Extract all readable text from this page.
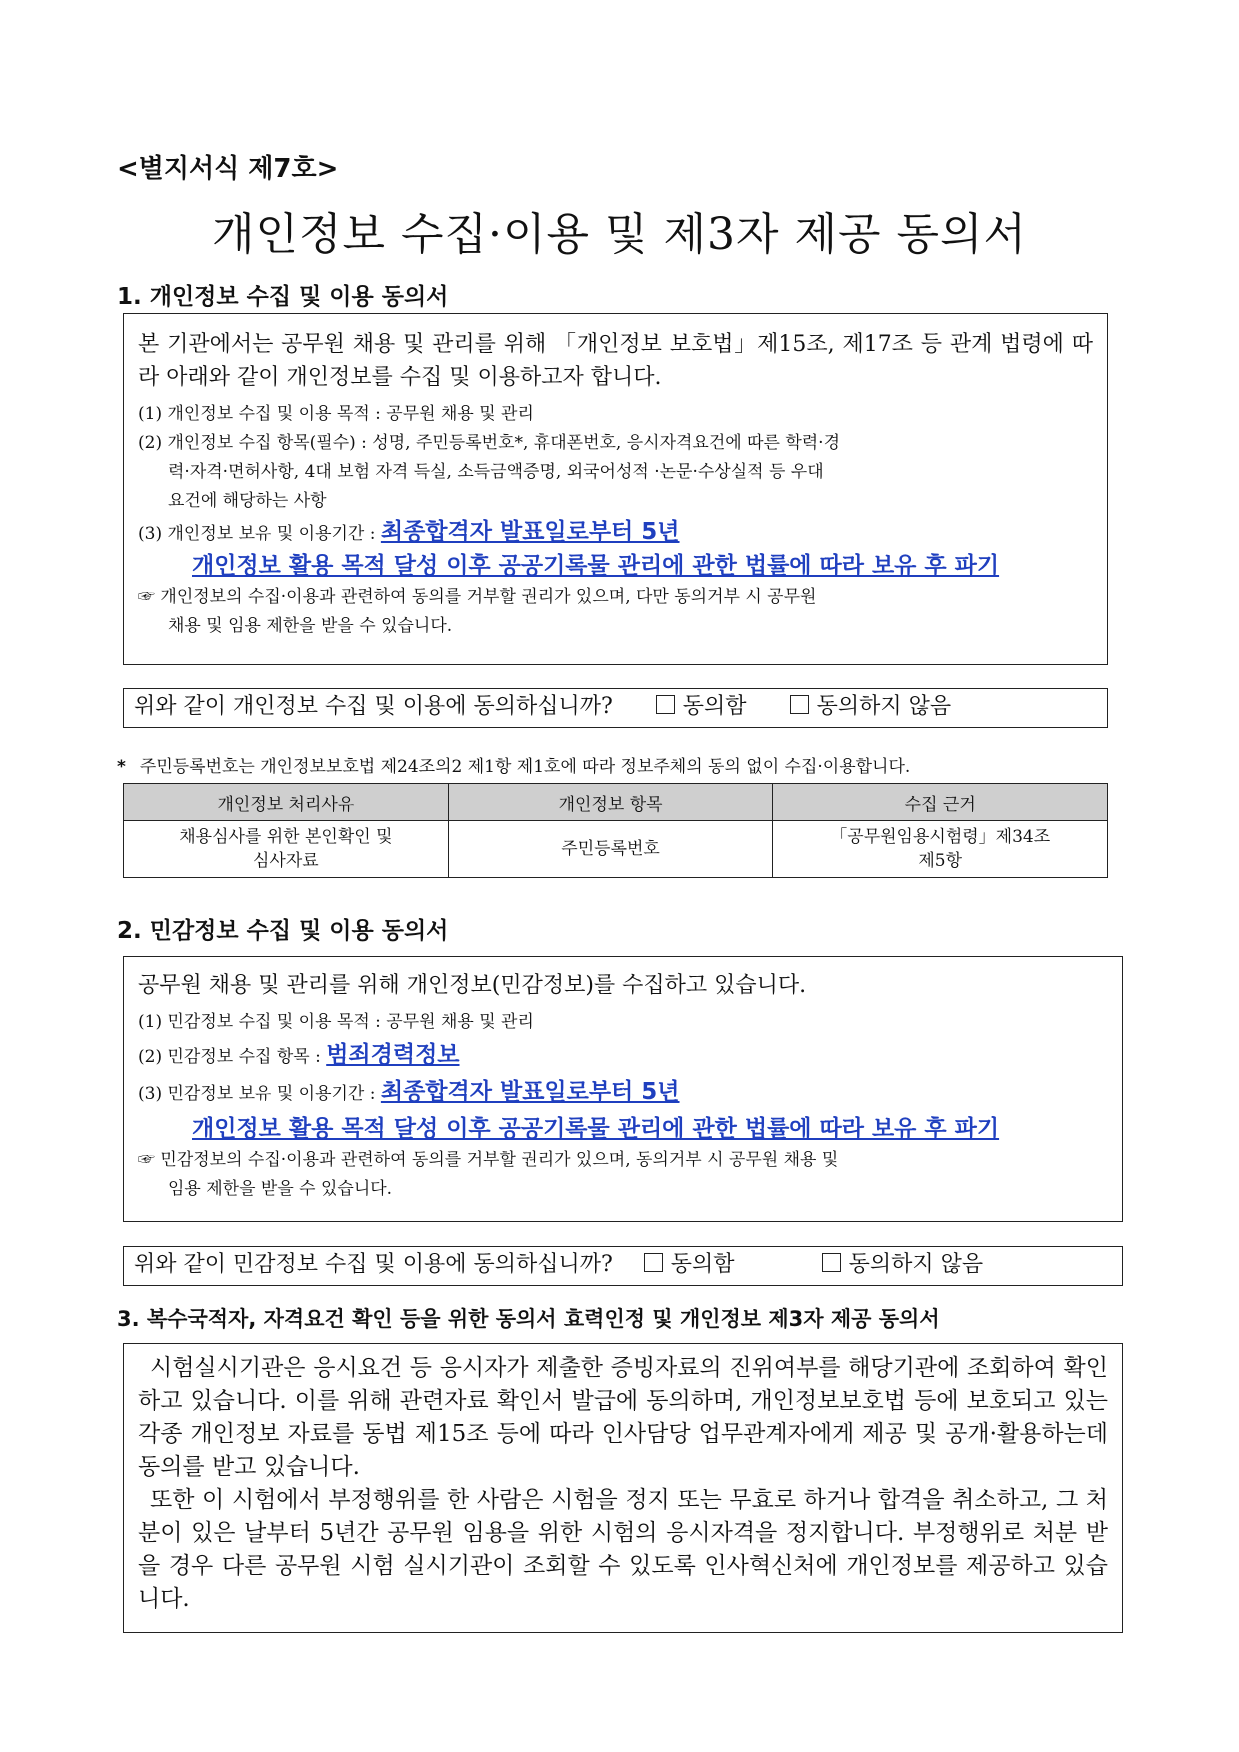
<별지서식 제7호>
개인정보 수집·이용 및 제3자 제공 동의서
1. 개인정보 수집 및 이용 동의서
본 기관에서는 공무원 채용 및 관리를 위해 「개인정보 보호법」제15조, 제17조 등 관계 법령에 따라 아래와 같이 개인정보를 수집 및 이용하고자 합니다.
(1) 개인정보 수집 및 이용 목적 : 공무원 채용 및 관리
(2) 개인정보 수집 항목(필수) : 성명, 주민등록번호*, 휴대폰번호, 응시자격요건에 따른 학력·경
력·자격·면허사항, 4대 보험 자격 득실, 소득금액증명, 외국어성적 ·논문·수상실적 등 우대
요건에 해당하는 사항
(3) 개인정보 보유 및 이용기간 : 최종합격자 발표일로부터 5년
개인정보 활용 목적 달성 이후 공공기록물 관리에 관한 법률에 따라 보유 후 파기
☞ 개인정보의 수집·이용과 관련하여 동의를 거부할 권리가 있으며, 다만 동의거부 시 공무원
채용 및 임용 제한을 받을 수 있습니다.
위와 같이 개인정보 수집 및 이용에 동의하십니까?	동의함	동의하지 않음
* 주민등록번호는 개인정보보호법 제24조의2 제1항 제1호에 따라 정보주체의 동의 없이 수집·이용합니다.
개인정보 처리사유	개인정보 항목	수집 근거
채용심사를 위한 본인확인 및
심사자료	주민등록번호	「공무원임용시험령」제34조
제5항
2. 민감정보 수집 및 이용 동의서
공무원 채용 및 관리를 위해 개인정보(민감정보)를 수집하고 있습니다.
(1) 민감정보 수집 및 이용 목적 : 공무원 채용 및 관리
(2) 민감정보 수집 항목 : 범죄경력정보
(3) 민감정보 보유 및 이용기간 : 최종합격자 발표일로부터 5년
개인정보 활용 목적 달성 이후 공공기록물 관리에 관한 법률에 따라 보유 후 파기
☞ 민감정보의 수집·이용과 관련하여 동의를 거부할 권리가 있으며, 동의거부 시 공무원 채용 및
임용 제한을 받을 수 있습니다.
위와 같이 민감정보 수집 및 이용에 동의하십니까?	동의함	동의하지 않음
3. 복수국적자, 자격요건 확인 등을 위한 동의서 효력인정 및 개인정보 제3자 제공 동의서
시험실시기관은 응시요건 등 응시자가 제출한 증빙자료의 진위여부를 해당기관에 조회하여 확인하고 있습니다. 이를 위해 관련자료 확인서 발급에 동의하며, 개인정보보호법 등에 보호되고 있는 각종 개인정보 자료를 동법 제15조 등에 따라 인사담당 업무관계자에게 제공 및 공개·활용하는데 동의를 받고 있습니다.
또한 이 시험에서 부정행위를 한 사람은 시험을 정지 또는 무효로 하거나 합격을 취소하고, 그 처분이 있은 날부터 5년간 공무원 임용을 위한 시험의 응시자격을 정지합니다. 부정행위로 처분 받을 경우 다른 공무원 시험 실시기관이 조회할 수 있도록 인사혁신처에 개인정보를 제공하고 있습니다.
